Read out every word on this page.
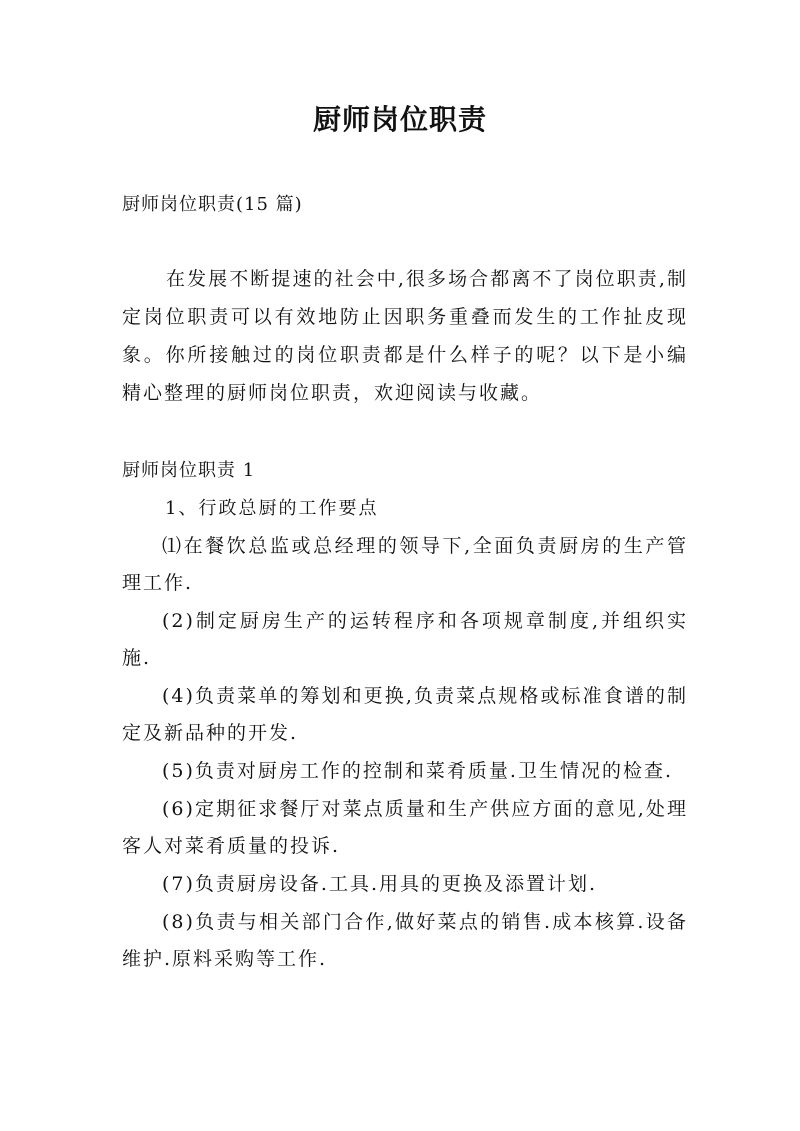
厨师岗位职责
厨师岗位职责(15 篇)

在发展不断提速的社会中,很多场合都离不了岗位职责,制定岗位职责可以有效地防止因职务重叠而发生的工作扯皮现象。你所接触过的岗位职责都是什么样子的呢？以下是小编精心整理的厨师岗位职责，欢迎阅读与收藏。

厨师岗位职责 1
1、行政总厨的工作要点
⑴在餐饮总监或总经理的领导下,全面负责厨房的生产管理工作.
(2)制定厨房生产的运转程序和各项规章制度,并组织实施.
(4)负责菜单的筹划和更换,负责菜点规格或标准食谱的制定及新品种的开发.
(5)负责对厨房工作的控制和菜肴质量.卫生情况的检查.
(6)定期征求餐厅对菜点质量和生产供应方面的意见,处理客人对菜肴质量的投诉.
(7)负责厨房设备.工具.用具的更换及添置计划.
(8)负责与相关部门合作,做好菜点的销售.成本核算.设备维护.原料采购等工作.
